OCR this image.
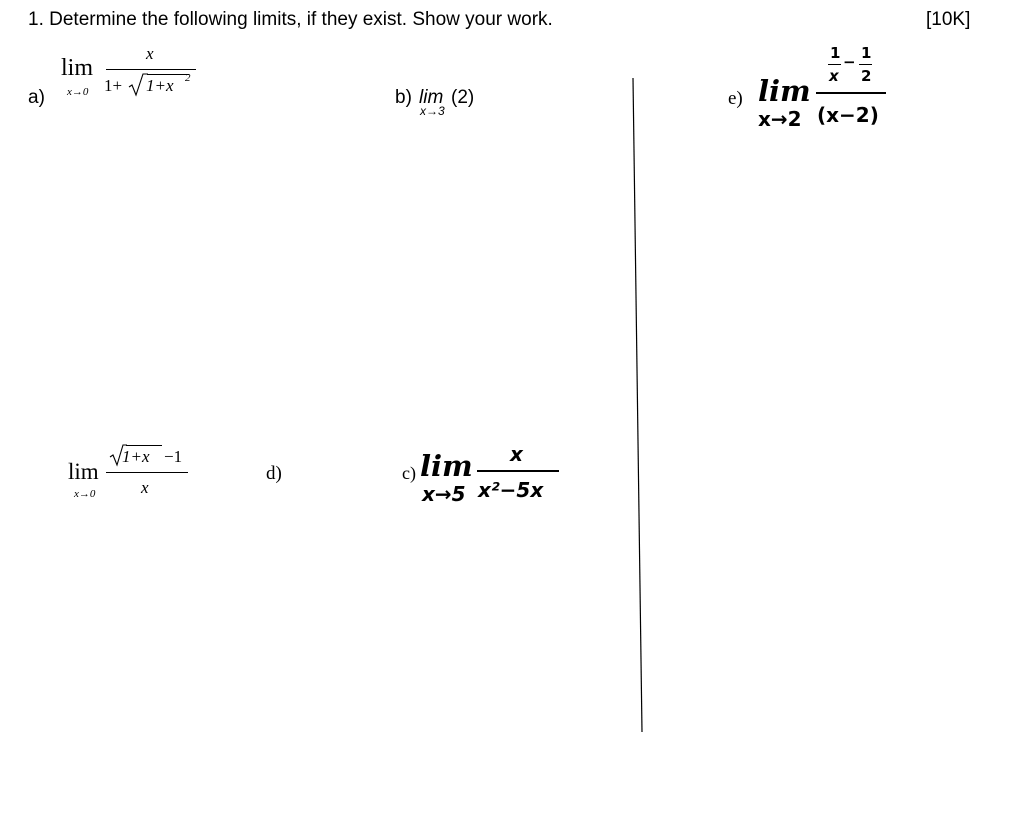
1. Determine the following limits, if they exist. Show your work.	[10K]
a)
lim
x→0
x
1+ 1+x 2
b) lim
x→3
(2)	e) lim
x→2
1
x
− 1
2
(x−2)
lim
x→0
1+x −1
x
d)	c) lim
x→5
x
x²−5x
